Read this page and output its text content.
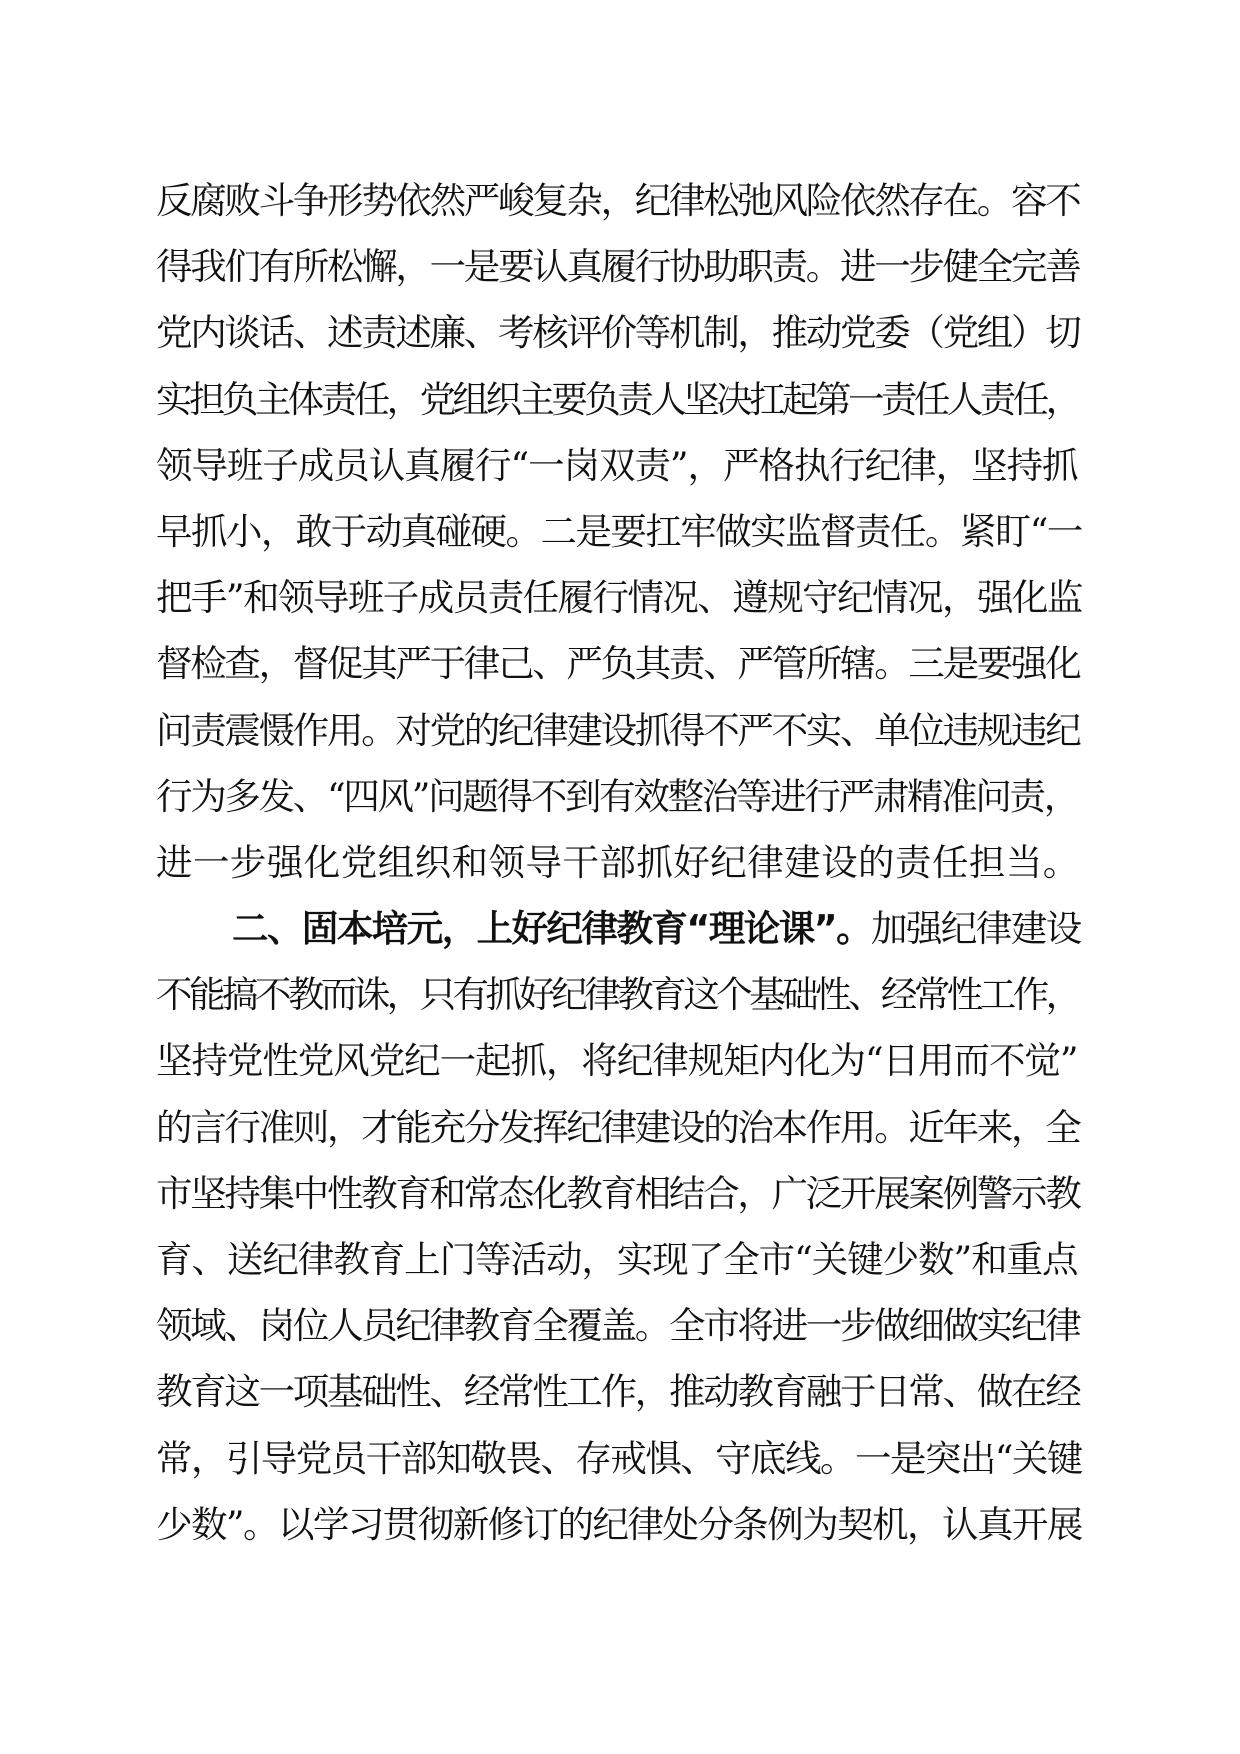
反腐败斗争形势依然严峻复杂，纪律松弛风险依然存在。容不
得我们有所松懈，一是要认真履行协助职责。进一步健全完善
党内谈话、述责述廉、考核评价等机制，推动党委（党组）切
实担负主体责任，党组织主要负责人坚决扛起第一责任人责任，
领导班子成员认真履行“一岗双责”，严格执行纪律，坚持抓
早抓小，敢于动真碰硬。二是要扛牢做实监督责任。紧盯“一
把手”和领导班子成员责任履行情况、遵规守纪情况，强化监
督检查，督促其严于律己、严负其责、严管所辖。三是要强化
问责震慑作用。对党的纪律建设抓得不严不实、单位违规违纪
行为多发、“四风”问题得不到有效整治等进行严肃精准问责，
进一步强化党组织和领导干部抓好纪律建设的责任担当。
二、固本培元，上好纪律教育“理论课”。加强纪律建设
不能搞不教而诛，只有抓好纪律教育这个基础性、经常性工作，
坚持党性党风党纪一起抓，将纪律规矩内化为“日用而不觉”
的言行准则，才能充分发挥纪律建设的治本作用。近年来，全
市坚持集中性教育和常态化教育相结合，广泛开展案例警示教
育、送纪律教育上门等活动，实现了全市“关键少数”和重点
领域、岗位人员纪律教育全覆盖。全市将进一步做细做实纪律
教育这一项基础性、经常性工作，推动教育融于日常、做在经
常，引导党员干部知敬畏、存戒惧、守底线。一是突出“关键
少数”。以学习贯彻新修订的纪律处分条例为契机，认真开展
